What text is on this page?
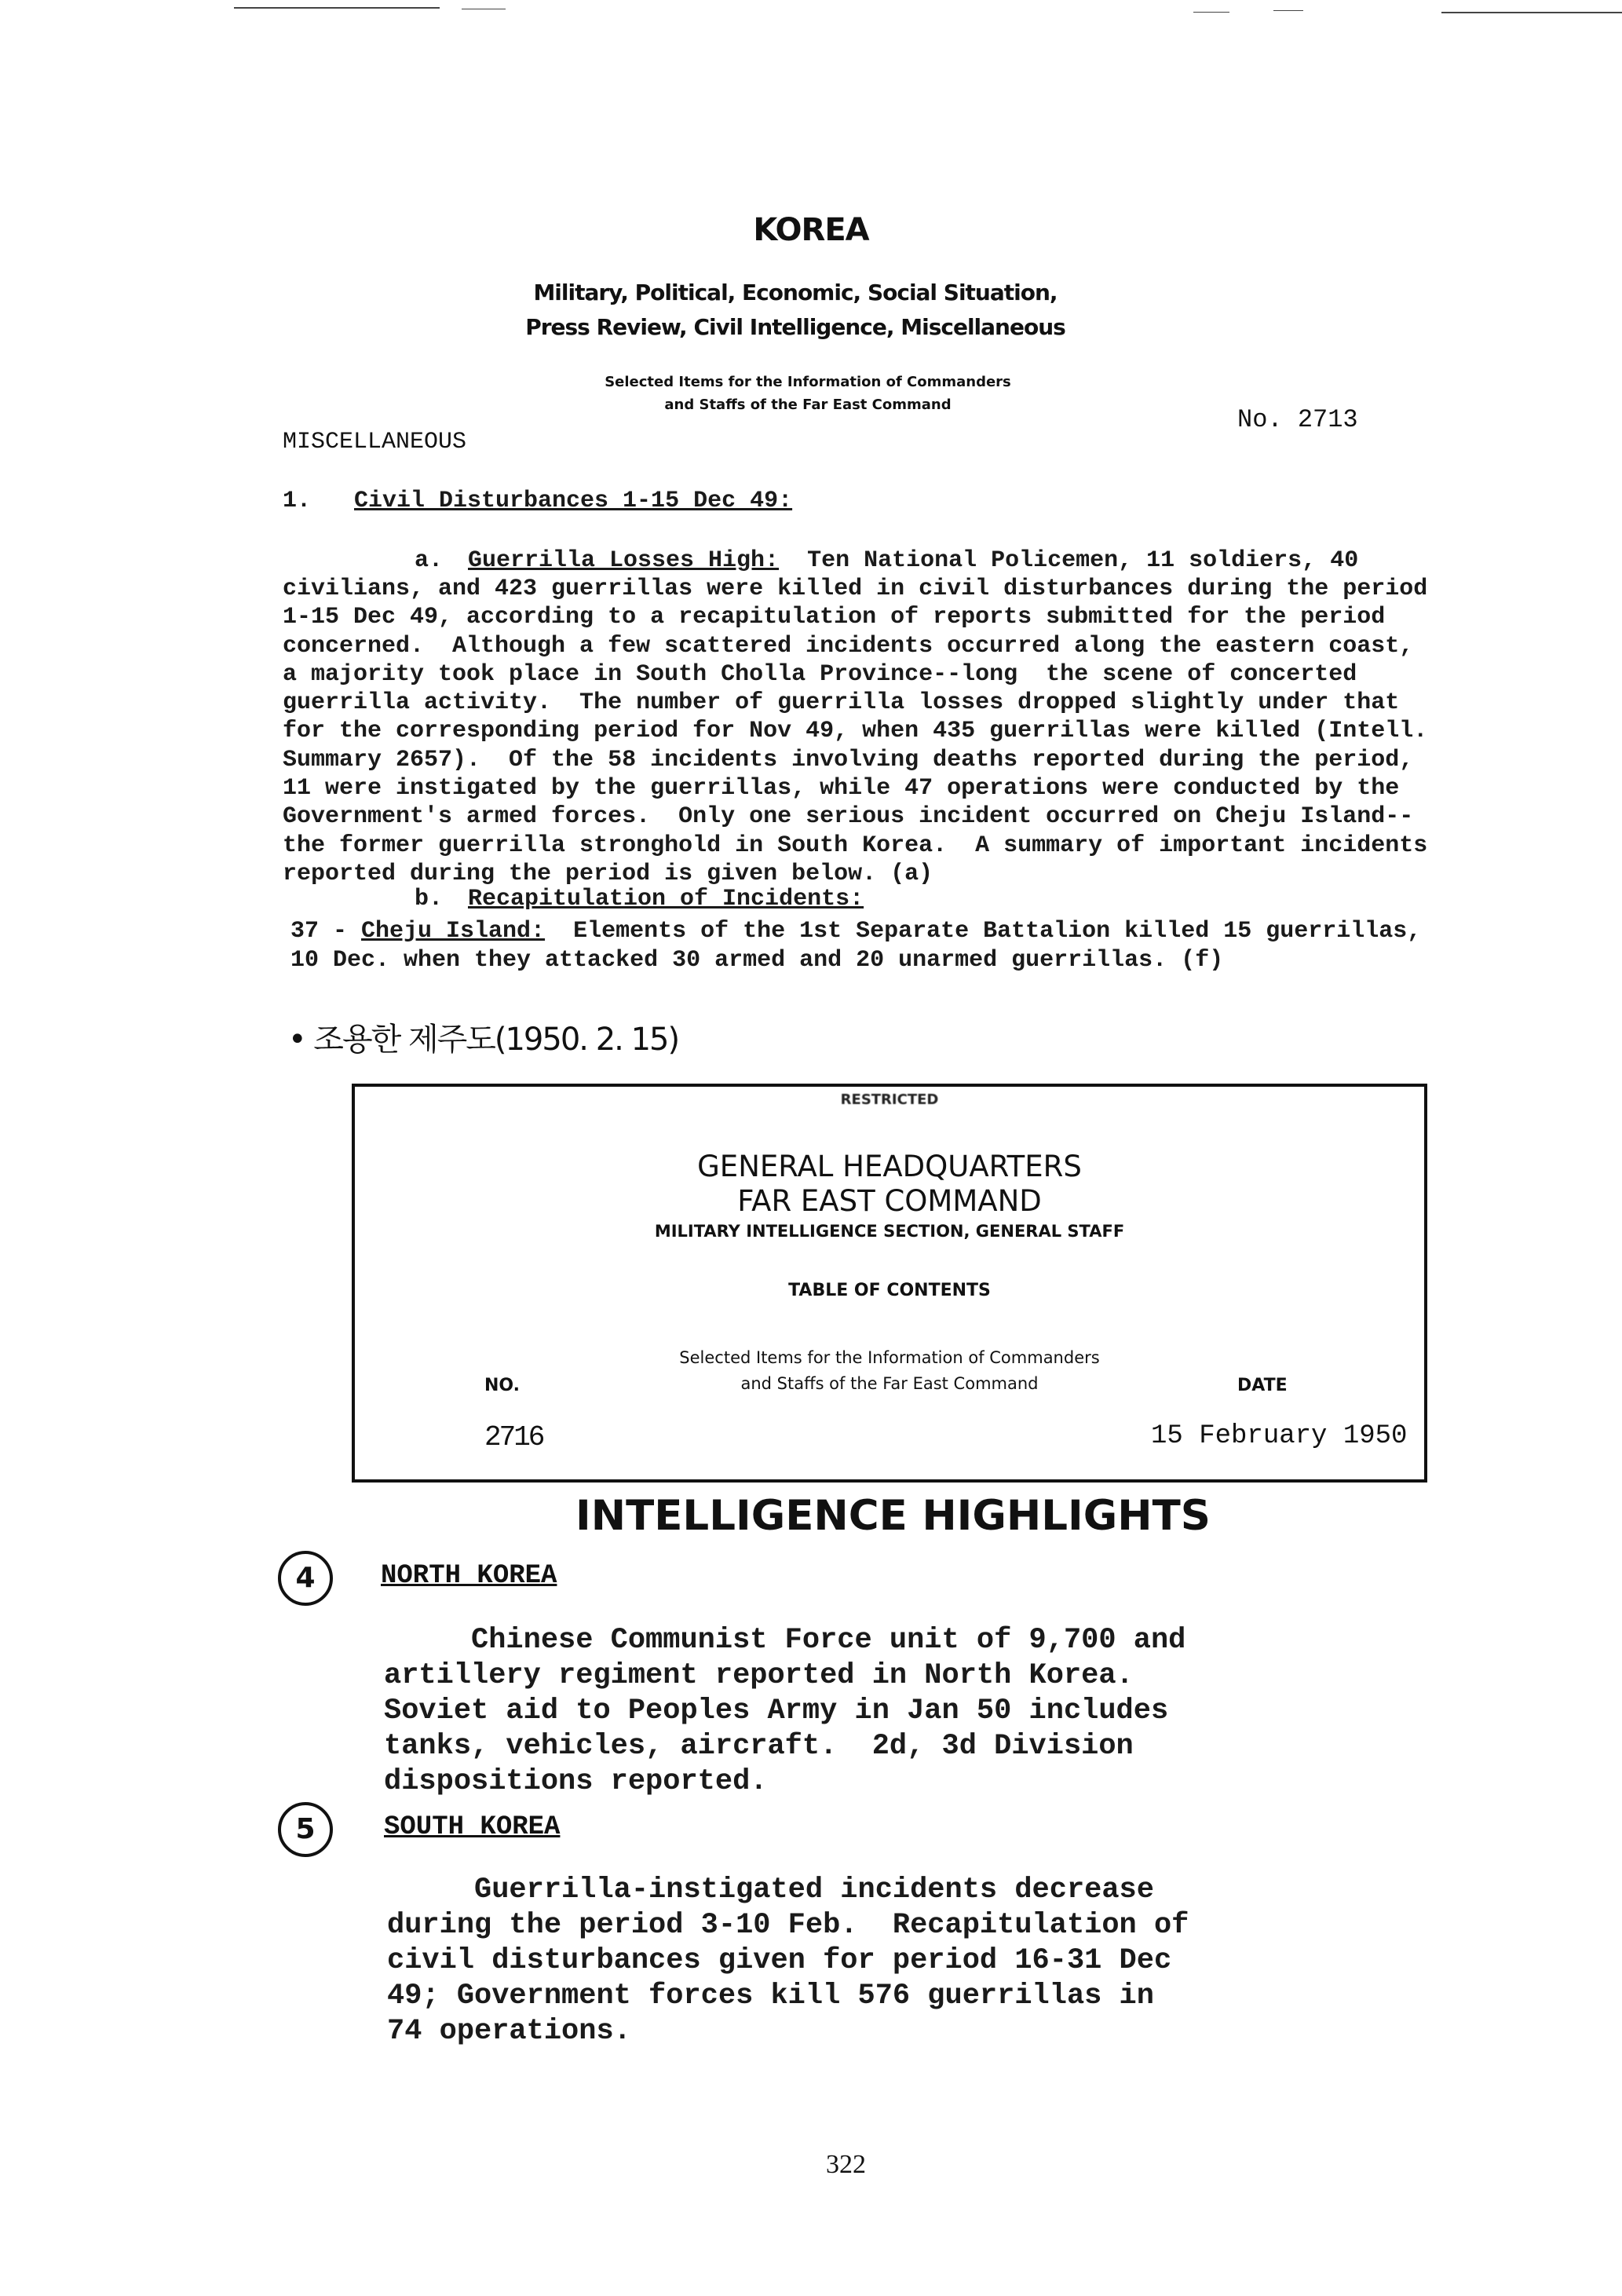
KOREA
Military, Political, Economic, Social Situation,
Press Review, Civil Intelligence, Miscellaneous
Selected Items for the Information of Commanders
and Staffs of the Far East Command
No. 2713
MISCELLANEOUS
1. Civil Disturbances 1-15 Dec 49:
a. Guerrilla Losses High:  Ten National Policemen, 11 soldiers, 40
civilians, and 423 guerrillas were killed in civil disturbances during the period
1-15 Dec 49, according to a recapitulation of reports submitted for the period
concerned.  Although a few scattered incidents occurred along the eastern coast,
a majority took place in South Cholla Province--long  the scene of concerted
guerrilla activity.  The number of guerrilla losses dropped slightly under that
for the corresponding period for Nov 49, when 435 guerrillas were killed (Intell.
Summary 2657).  Of the 58 incidents involving deaths reported during the period,
11 were instigated by the guerrillas, while 47 operations were conducted by the
Government's armed forces.  Only one serious incident occurred on Cheju Island--
the former guerrilla stronghold in South Korea.  A summary of important incidents
reported during the period is given below. (a)
b. Recapitulation of Incidents:
37 - Cheju Island:  Elements of the 1st Separate Battalion killed 15 guerrillas,
10 Dec. when they attacked 30 armed and 20 unarmed guerrillas. (f)
• 조용한 제주도(1950. 2. 15)
RESTRICTED
GENERAL HEADQUARTERS
FAR EAST COMMAND
MILITARY INTELLIGENCE SECTION, GENERAL STAFF
TABLE OF CONTENTS
Selected Items for the Information of Commanders
and Staffs of the Far East Command
NO.	DATE
2716	15 February 1950
INTELLIGENCE HIGHLIGHTS
4	NORTH KOREA
Chinese Communist Force unit of 9,700 and
artillery regiment reported in North Korea.
Soviet aid to Peoples Army in Jan 50 includes
tanks, vehicles, aircraft.  2d, 3d Division
dispositions reported.
5	SOUTH KOREA
Guerrilla-instigated incidents decrease
during the period 3-10 Feb.  Recapitulation of
civil disturbances given for period 16-31 Dec
49; Government forces kill 576 guerrillas in
74 operations.
322
